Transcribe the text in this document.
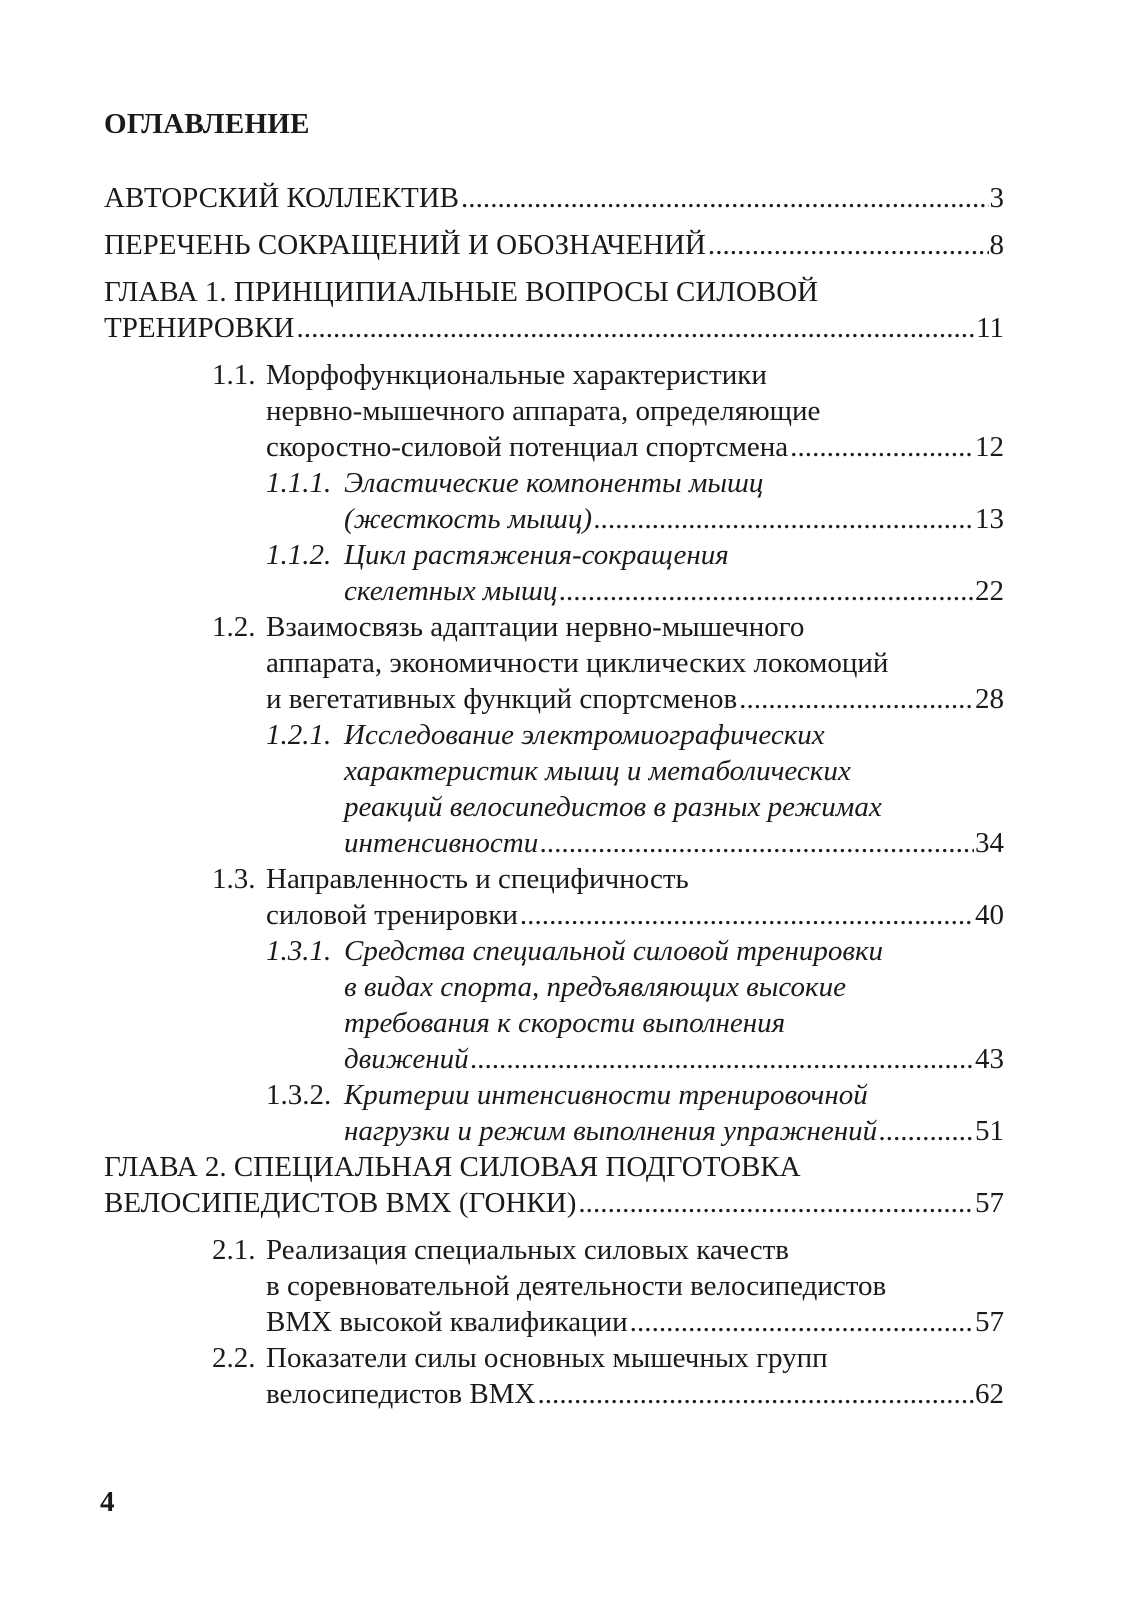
ОГЛАВЛЕНИЕ
АВТОРСКИЙ КОЛЛЕКТИВ . . .	3
ПЕРЕЧЕНЬ СОКРАЩЕНИЙ И ОБОЗНАЧЕНИЙ . . .	8
ГЛАВА 1. ПРИНЦИПИАЛЬНЫЕ ВОПРОСЫ СИЛОВОЙ
ТРЕНИРОВКИ . . .	11
1.1. Морфофункциональные характеристики
нервно-мышечного аппарата, определяющие
скоростно-силовой потенциал спортсмена . . .	12
1.1.1. Эластические компоненты мышц
(жесткость мышц) . . .	13
1.1.2. Цикл растяжения-сокращения
скелетных мышц . . .	22
1.2. Взаимосвязь адаптации нервно-мышечного
аппарата, экономичности циклических локомоций
и вегетативных функций спортсменов . . .	28
1.2.1. Исследование электромиографических
характеристик мышц и метаболических
реакций велосипедистов в разных режимах
интенсивности . . .	34
1.3. Направленность и специфичность
силовой тренировки . . .	40
1.3.1. Средства специальной силовой тренировки
в видах спорта, предъявляющих высокие
требования к скорости выполнения
движений . . .	43
1.3.2. Критерии интенсивности тренировочной
нагрузки и режим выполнения упражнений . . .	51
ГЛАВА 2. СПЕЦИАЛЬНАЯ СИЛОВАЯ ПОДГОТОВКА
ВЕЛОСИПЕДИСТОВ BMX (ГОНКИ) . . .	57
2.1. Реализация специальных силовых качеств
в соревновательной деятельности велосипедистов
BMX высокой квалификации . . .	57
2.2. Показатели силы основных мышечных групп
велосипедистов BMX . . .	62
4
